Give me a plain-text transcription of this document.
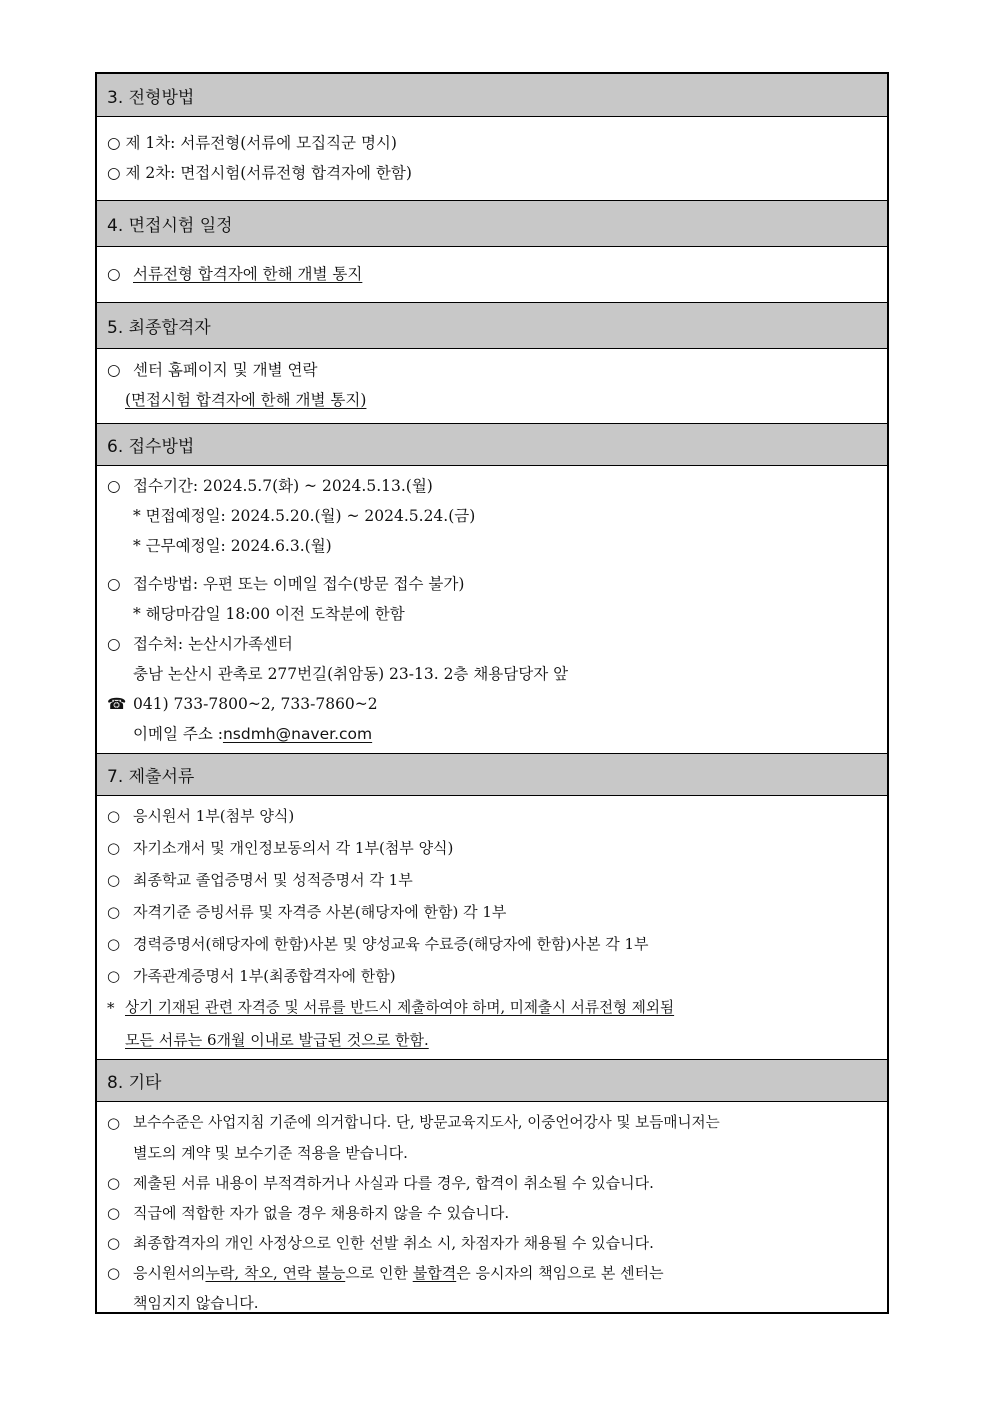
3. 전형방법
○ 제 1차: 서류전형(서류에 모집직군 명시)
○ 제 2차: 면접시험(서류전형 합격자에 한함)
4. 면접시험 일정
○ 서류전형 합격자에 한해 개별 통지
5. 최종합격자
○ 센터 홈페이지 및 개별 연락
(면접시험 합격자에 한해 개별 통지)
6. 접수방법
○ 접수기간: 2024.5.7(화) ~ 2024.5.13.(월)
* 면접예정일: 2024.5.20.(월) ~ 2024.5.24.(금)
* 근무예정일: 2024.6.3.(월)
○ 접수방법: 우편 또는 이메일 접수(방문 접수 불가)
* 해당마감일 18:00 이전 도착분에 한함
○ 접수처: 논산시가족센터
충남 논산시 관촉로 277번길(취암동) 23-13. 2층 채용담당자 앞
☎ 041) 733-7800~2, 733-7860~2
이메일 주소 : nsdmh@naver.com
7. 제출서류
○ 응시원서 1부(첨부 양식)
○ 자기소개서 및 개인정보동의서 각 1부(첨부 양식)
○ 최종학교 졸업증명서 및 성적증명서 각 1부
○ 자격기준 증빙서류 및 자격증 사본(해당자에 한함) 각 1부
○ 경력증명서(해당자에 한함)사본 및 양성교육 수료증(해당자에 한함)사본 각 1부
○ 가족관계증명서 1부(최종합격자에 한함)
* 상기 기재된 관련 자격증 및 서류를 반드시 제출하여야 하며, 미제출시 서류전형 제외됨
모든 서류는 6개월 이내로 발급된 것으로 한함.
8. 기타
○ 보수수준은 사업지침 기준에 의거합니다. 단, 방문교육지도사, 이중언어강사 및 보듬매니저는
별도의 계약 및 보수기준 적용을 받습니다.
○ 제출된 서류 내용이 부적격하거나 사실과 다를 경우, 합격이 취소될 수 있습니다.
○ 직급에 적합한 자가 없을 경우 채용하지 않을 수 있습니다.
○ 최종합격자의 개인 사정상으로 인한 선발 취소 시, 차점자가 채용될 수 있습니다.
○ 응시원서의 누락, 착오, 연락 불능 으로 인한 불합격 은 응시자의 책임으로 본 센터는
책임지지 않습니다.
